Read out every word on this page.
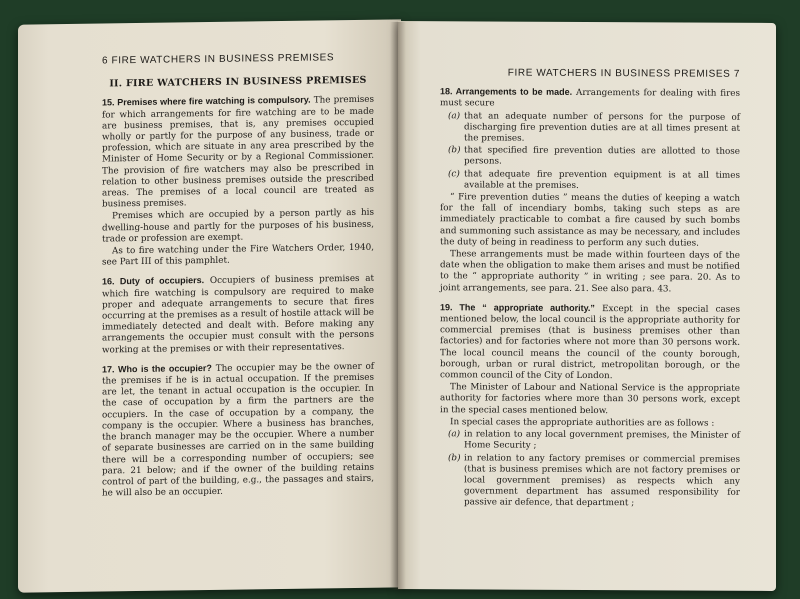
6 FIRE WATCHERS IN BUSINESS PREMISES
II. FIRE WATCHERS IN BUSINESS PREMISES

15. Premises where fire watching is compulsory. The premises for which arrangements for fire watching are to be made are business premises, that is, any premises occupied wholly or partly for the purpose of any business, trade or profession, which are situate in any area prescribed by the Minister of Home Security or by a Regional Commissioner. The provision of fire watchers may also be prescribed in relation to other business premises outside the prescribed areas. The premises of a local council are treated as business premises.

Premises which are occupied by a person partly as his dwelling-house and partly for the purposes of his business, trade or profession are exempt.

As to fire watching under the Fire Watchers Order, 1940, see Part III of this pamphlet.

16. Duty of occupiers. Occupiers of business premises at which fire watching is compulsory are required to make proper and adequate arrangements to secure that fires occurring at the premises as a result of hostile attack will be immediately detected and dealt with. Before making any arrangements the occupier must consult with the persons working at the premises or with their representatives.

17. Who is the occupier? The occupier may be the owner of the premises if he is in actual occupation. If the premises are let, the tenant in actual occupation is the occupier. In the case of occupation by a firm the partners are the occupiers. In the case of occupation by a company, the company is the occupier. Where a business has branches, the branch manager may be the occupier. Where a number of separate businesses are carried on in the same building there will be a corresponding number of occupiers; see para. 21 below; and if the owner of the building retains control of part of the building, e.g., the passages and stairs, he will also be an occupier.

FIRE WATCHERS IN BUSINESS PREMISES 7

18. Arrangements to be made. Arrangements for dealing with fires must secure

(a) that an adequate number of persons for the purpose of discharging fire prevention duties are at all times present at the premises.
(b) that specified fire prevention duties are allotted to those persons.
(c) that adequate fire prevention equipment is at all times available at the premises.

“ Fire prevention duties ” means the duties of keeping a watch for the fall of incendiary bombs, taking such steps as are immediately practicable to combat a fire caused by such bombs and summoning such assistance as may be necessary, and includes the duty of being in readiness to perform any such duties.

These arrangements must be made within fourteen days of the date when the obligation to make them arises and must be notified to the “ appropriate authority ” in writing ; see para. 20. As to joint arrangements, see para. 21. See also para. 43.

19. The “ appropriate authority.” Except in the special cases mentioned below, the local council is the appropriate authority for commercial premises (that is business premises other than factories) and for factories where not more than 30 persons work. The local council means the council of the county borough, borough, urban or rural district, metropolitan borough, or the common council of the City of London.

The Minister of Labour and National Service is the appropriate authority for factories where more than 30 persons work, except in the special cases mentioned below.

In special cases the appropriate authorities are as follows :

(a) in relation to any local government premises, the Minister of Home Security ;
(b) in relation to any factory premises or commercial premises (that is business premises which are not factory premises or local government premises) as respects which any government department has assumed responsibility for passive air defence, that department ;
